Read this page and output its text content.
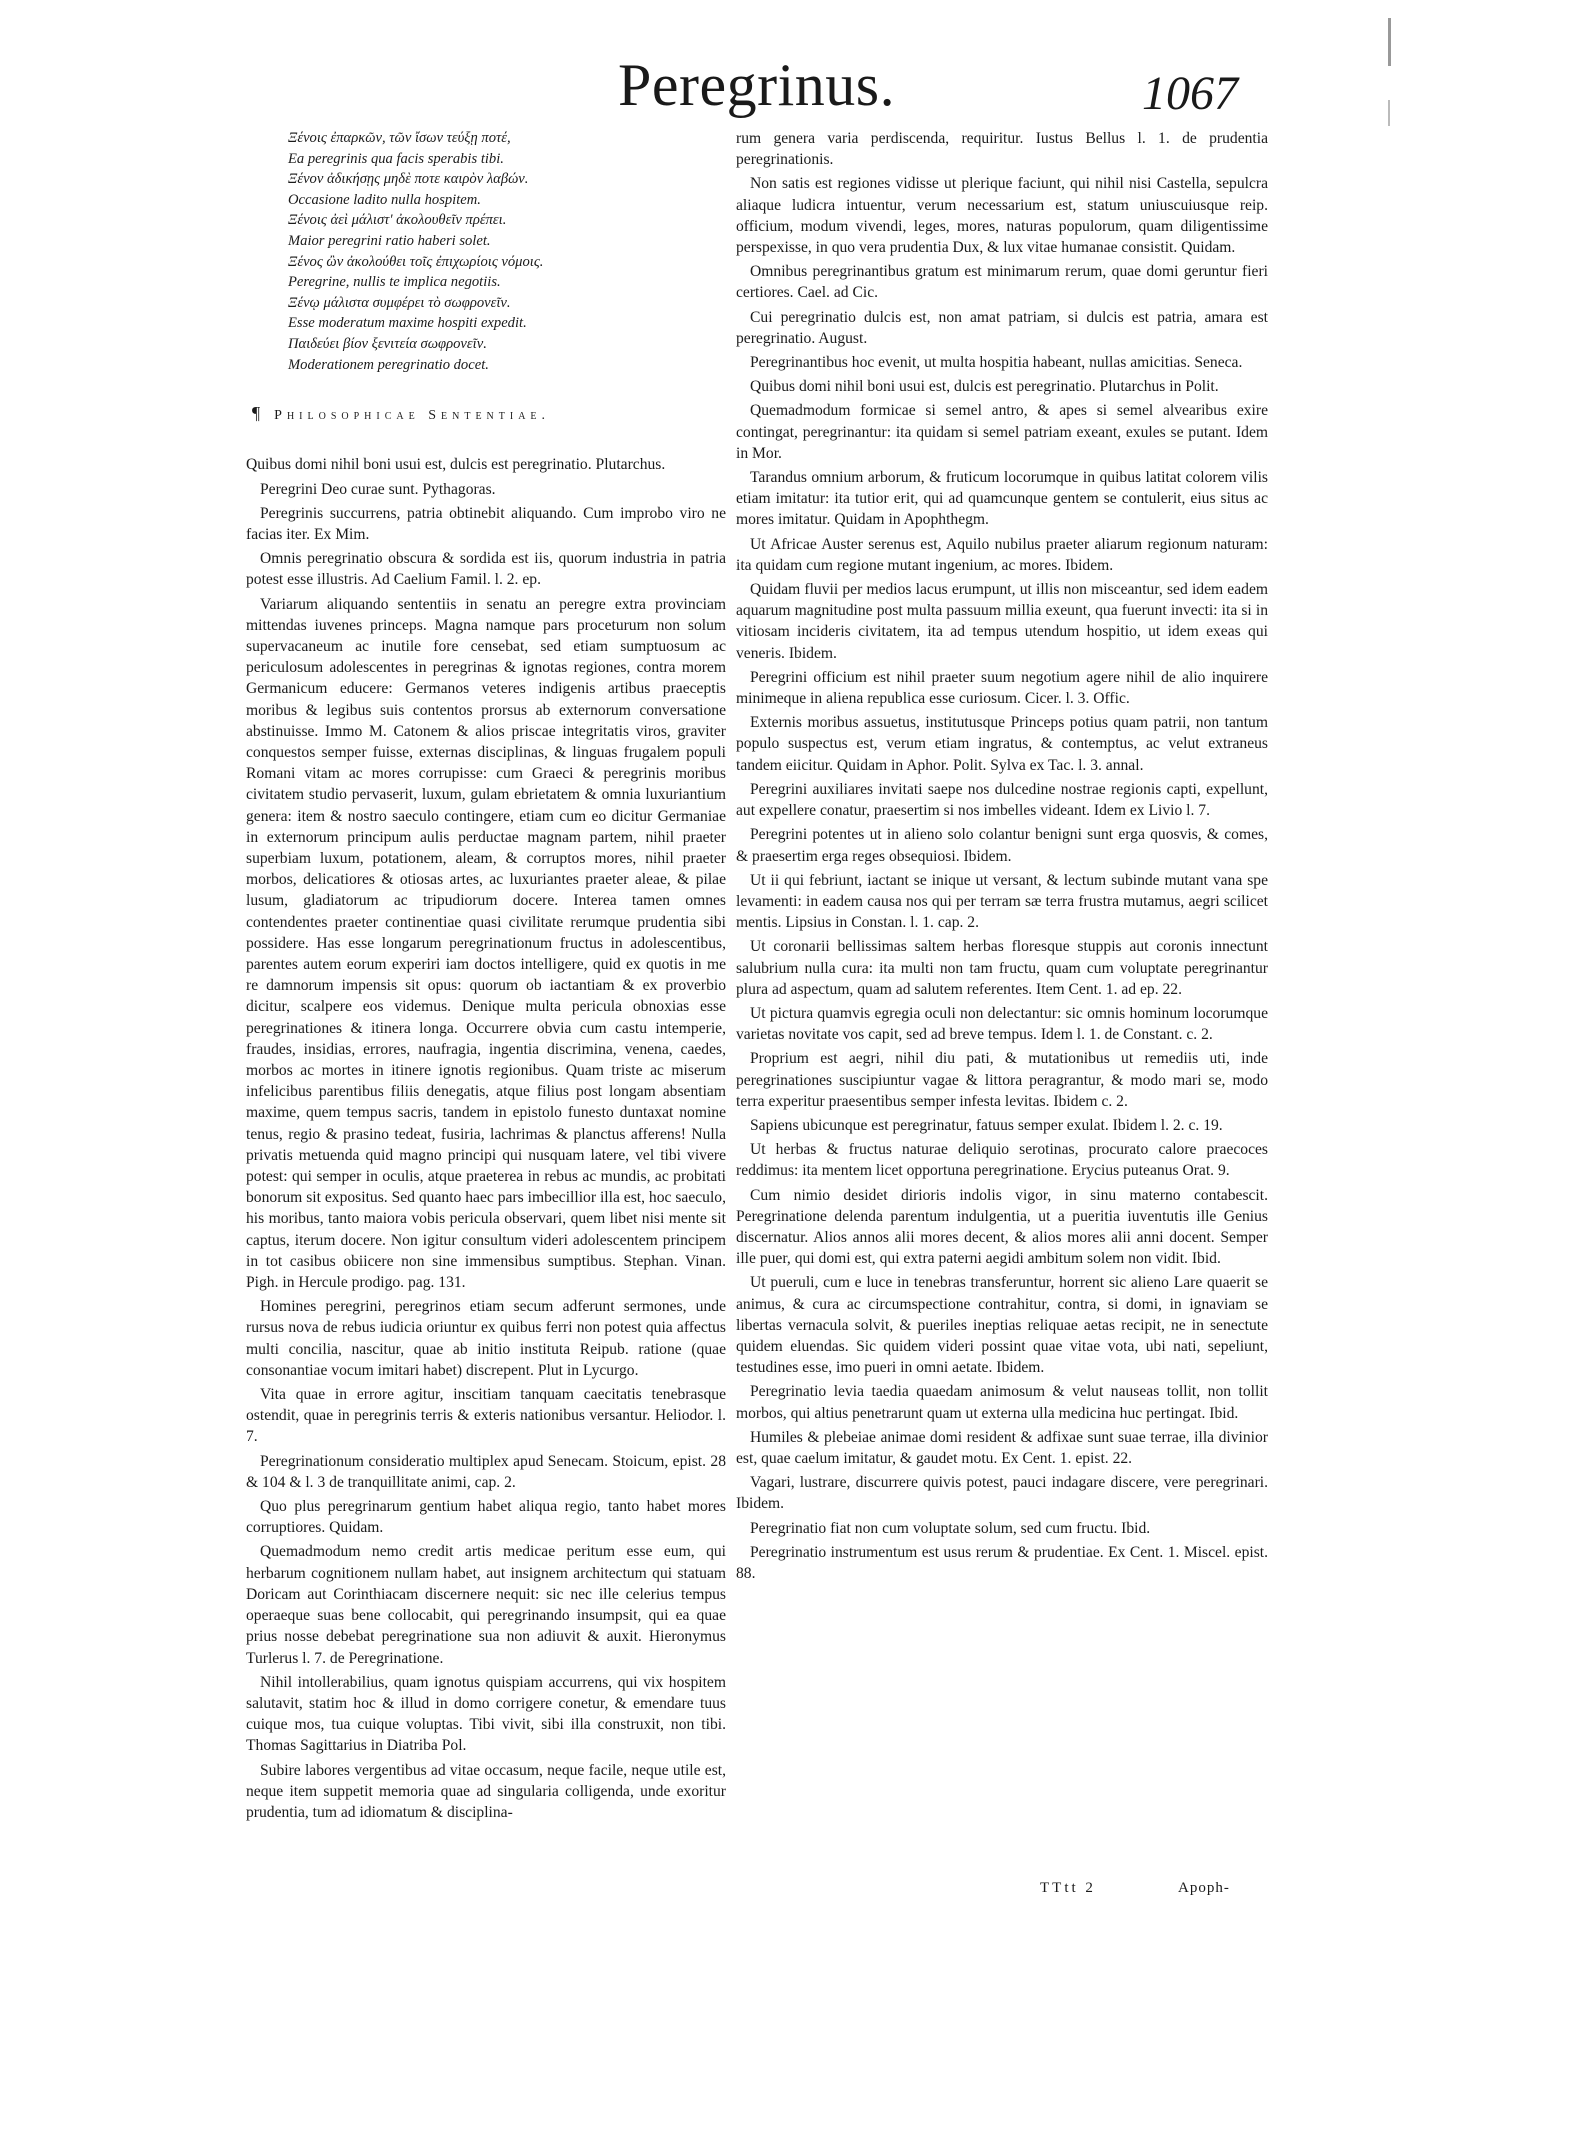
Peregrinus.	1067
Ξένοις ἐπαρκῶν, τῶν ἴσων τεύξῃ ποτέ,
Ea peregrinis qua facis sperabis tibi.
Ξένον ἀδικήσῃς μηδὲ ποτε καιρὸν λαβών.
Occasione ladito nulla hospitem.
Ξένοις ἀεὶ μάλιστ' ἀκολουθεῖν πρέπει.
Maior peregrini ratio haberi solet.
Ξένος ὢν ἀκολούθει τοῖς ἐπιχωρίοις νόμοις.
Peregrine, nullis te implica negotiis.
Ξένῳ μάλιστα συμφέρει τὸ σωφρονεῖν.
Esse moderatum maxime hospiti expedit.
Παιδεύει βίον ξενιτεία σωφρονεῖν.
Moderationem peregrinatio docet.
¶ Philosophicae Sententiae.

Quibus domi nihil boni usui est, dulcis est peregrinatio. Plutarchus.

Peregrini Deo curae sunt. Pythagoras.

Peregrinis succurrens, patria obtinebit aliquando. Cum improbo viro ne facias iter. Ex Mim.

Omnis peregrinatio obscura & sordida est iis, quorum industria in patria potest esse illustris. Ad Caelium Famil. l. 2. ep.

Variarum aliquando sententiis in senatu an peregre extra provinciam mittendas iuvenes princeps. Magna namque pars proceturum non solum supervacaneum ac inutile fore censebat, sed etiam sumptuosum ac periculosum adolescentes in peregrinas & ignotas regiones, contra morem Germanicum educere: Germanos veteres indigenis artibus praeceptis moribus & legibus suis contentos prorsus ab externorum conversatione abstinuisse. Immo M. Catonem & alios priscae integritatis viros, graviter conquestos semper fuisse, externas disciplinas, & linguas frugalem populi Romani vitam ac mores corrupisse: cum Graeci & peregrinis moribus civitatem studio pervaserit, luxum, gulam ebrietatem & omnia luxuriantium genera: item & nostro saeculo contingere, etiam cum eo dicitur Germaniae in externorum principum aulis perductae magnam partem, nihil praeter superbiam luxum, potationem, aleam, & corruptos mores, nihil praeter morbos, delicatiores & otiosas artes, ac luxuriantes praeter aleae, & pilae lusum, gladiatorum ac tripudiorum docere. Interea tamen omnes contendentes praeter continentiae quasi civilitate rerumque prudentia sibi possidere. Has esse longarum peregrinationum fructus in adolescentibus, parentes autem eorum experiri iam doctos intelligere, quid ex quotis in me re damnorum impensis sit opus: quorum ob iactantiam & ex proverbio dicitur, scalpere eos videmus. Denique multa pericula obnoxias esse peregrinationes & itinera longa. Occurrere obvia cum castu intemperie, fraudes, insidias, errores, naufragia, ingentia discrimina, venena, caedes, morbos ac mortes in itinere ignotis regionibus. Quam triste ac miserum infelicibus parentibus filiis denegatis, atque filius post longam absentiam maxime, quem tempus sacris, tandem in epistolo funesto duntaxat nomine tenus, regio & prasino tedeat, fusiria, lachrimas & planctus afferens! Nulla privatis metuenda quid magno principi qui nusquam latere, vel tibi vivere potest: qui semper in oculis, atque praeterea in rebus ac mundis, ac probitati bonorum sit expositus. Sed quanto haec pars imbecillior illa est, hoc saeculo, his moribus, tanto maiora vobis pericula observari, quem libet nisi mente sit captus, iterum docere. Non igitur consultum videri adolescentem principem in tot casibus obiicere non sine immensibus sumptibus. Stephan. Vinan. Pigh. in Hercule prodigo. pag. 131.

Homines peregrini, peregrinos etiam secum adferunt sermones, unde rursus nova de rebus iudicia oriuntur ex quibus ferri non potest quia affectus multi concilia, nascitur, quae ab initio instituta Reipub. ratione (quae consonantiae vocum imitari habet) discrepent. Plut in Lycurgo.

Vita quae in errore agitur, inscitiam tanquam caecitatis tenebrasque ostendit, quae in peregrinis terris & exteris nationibus versantur. Heliodor. l. 7.

Peregrinationum consideratio multiplex apud Senecam. Stoicum, epist. 28 & 104 & l. 3 de tranquillitate animi, cap. 2.

Quo plus peregrinarum gentium habet aliqua regio, tanto habet mores corruptiores. Quidam.

Quemadmodum nemo credit artis medicae peritum esse eum, qui herbarum cognitionem nullam habet, aut insignem architectum qui statuam Doricam aut Corinthiacam discernere nequit: sic nec ille celerius tempus operaeque suas bene collocabit, qui peregrinando insumpsit, qui ea quae prius nosse debebat peregrinatione sua non adiuvit & auxit. Hieronymus Turlerus l. 7. de Peregrinatione.

Nihil intollerabilius, quam ignotus quispiam accurrens, qui vix hospitem salutavit, statim hoc & illud in domo corrigere conetur, & emendare tuus cuique mos, tua cuique voluptas. Tibi vivit, sibi illa construxit, non tibi. Thomas Sagittarius in Diatriba Pol.

Subire labores vergentibus ad vitae occasum, neque facile, neque utile est, neque item suppetit memoria quae ad singularia colligenda, unde exoritur prudentia, tum ad idiomatum & disciplina-

rum genera varia perdiscenda, requiritur. Iustus Bellus l. 1. de prudentia peregrinationis.

Non satis est regiones vidisse ut plerique faciunt, qui nihil nisi Castella, sepulcra aliaque ludicra intuentur, verum necessarium est, statum uniuscuiusque reip. officium, modum vivendi, leges, mores, naturas populorum, quam diligentissime perspexisse, in quo vera prudentia Dux, & lux vitae humanae consistit. Quidam.

Omnibus peregrinantibus gratum est minimarum rerum, quae domi geruntur fieri certiores. Cael. ad Cic.

Cui peregrinatio dulcis est, non amat patriam, si dulcis est patria, amara est peregrinatio. August.

Peregrinantibus hoc evenit, ut multa hospitia habeant, nullas amicitias. Seneca.

Quibus domi nihil boni usui est, dulcis est peregrinatio. Plutarchus in Polit.

Quemadmodum formicae si semel antro, & apes si semel alvearibus exire contingat, peregrinantur: ita quidam si semel patriam exeant, exules se putant. Idem in Mor.

Tarandus omnium arborum, & fruticum locorumque in quibus latitat colorem vilis etiam imitatur: ita tutior erit, qui ad quamcunque gentem se contulerit, eius situs ac mores imitatur. Quidam in Apophthegm.

Ut Africae Auster serenus est, Aquilo nubilus praeter aliarum regionum naturam: ita quidam cum regione mutant ingenium, ac mores. Ibidem.

Quidam fluvii per medios lacus erumpunt, ut illis non misceantur, sed idem eadem aquarum magnitudine post multa passuum millia exeunt, qua fuerunt invecti: ita si in vitiosam incideris civitatem, ita ad tempus utendum hospitio, ut idem exeas qui veneris. Ibidem.

Peregrini officium est nihil praeter suum negotium agere nihil de alio inquirere minimeque in aliena republica esse curiosum. Cicer. l. 3. Offic.

Externis moribus assuetus, institutusque Princeps potius quam patrii, non tantum populo suspectus est, verum etiam ingratus, & contemptus, ac velut extraneus tandem eiicitur. Quidam in Aphor. Polit. Sylva ex Tac. l. 3. annal.

Peregrini auxiliares invitati saepe nos dulcedine nostrae regionis capti, expellunt, aut expellere conatur, praesertim si nos imbelles videant. Idem ex Livio l. 7.

Peregrini potentes ut in alieno solo colantur benigni sunt erga quosvis, & comes, & praesertim erga reges obsequiosi. Ibidem.

Ut ii qui febriunt, iactant se inique ut versant, & lectum subinde mutant vana spe levamenti: in eadem causa nos qui per terram sæ terra frustra mutamus, aegri scilicet mentis. Lipsius in Constan. l. 1. cap. 2.

Ut coronarii bellissimas saltem herbas floresque stuppis aut coronis innectunt salubrium nulla cura: ita multi non tam fructu, quam cum voluptate peregrinantur plura ad aspectum, quam ad salutem referentes. Item Cent. 1. ad ep. 22.

Ut pictura quamvis egregia oculi non delectantur: sic omnis hominum locorumque varietas novitate vos capit, sed ad breve tempus. Idem l. 1. de Constant. c. 2.

Proprium est aegri, nihil diu pati, & mutationibus ut remediis uti, inde peregrinationes suscipiuntur vagae & littora peragrantur, & modo mari se, modo terra experitur praesentibus semper infesta levitas. Ibidem c. 2.

Sapiens ubicunque est peregrinatur, fatuus semper exulat. Ibidem l. 2. c. 19.

Ut herbas & fructus naturae deliquio serotinas, procurato calore praecoces reddimus: ita mentem licet opportuna peregrinatione. Erycius puteanus Orat. 9.

Cum nimio desidet dirioris indolis vigor, in sinu materno contabescit. Peregrinatione delenda parentum indulgentia, ut a pueritia iuventutis ille Genius discernatur. Alios annos alii mores decent, & alios mores alii anni docent. Semper ille puer, qui domi est, qui extra paterni aegidi ambitum solem non vidit. Ibid.

Ut pueruli, cum e luce in tenebras transferuntur, horrent sic alieno Lare quaerit se animus, & cura ac circumspectione contrahitur, contra, si domi, in ignaviam se libertas vernacula solvit, & pueriles ineptias reliquae aetas recipit, ne in senectute quidem eluendas. Sic quidem videri possint quae vitae vota, ubi nati, sepeliunt, testudines esse, imo pueri in omni aetate. Ibidem.

Peregrinatio levia taedia quaedam animosum & velut nauseas tollit, non tollit morbos, qui altius penetrarunt quam ut externa ulla medicina huc pertingat. Ibid.

Humiles & plebeiae animae domi resident & adfixae sunt suae terrae, illa divinior est, quae caelum imitatur, & gaudet motu. Ex Cent. 1. epist. 22.

Vagari, lustrare, discurrere quivis potest, pauci indagare discere, vere peregrinari. Ibidem.

Peregrinatio fiat non cum voluptate solum, sed cum fructu. Ibid.

Peregrinatio instrumentum est usus rerum & prudentiae. Ex Cent. 1. Miscel. epist. 88.

TTtt 2	Apoph-
